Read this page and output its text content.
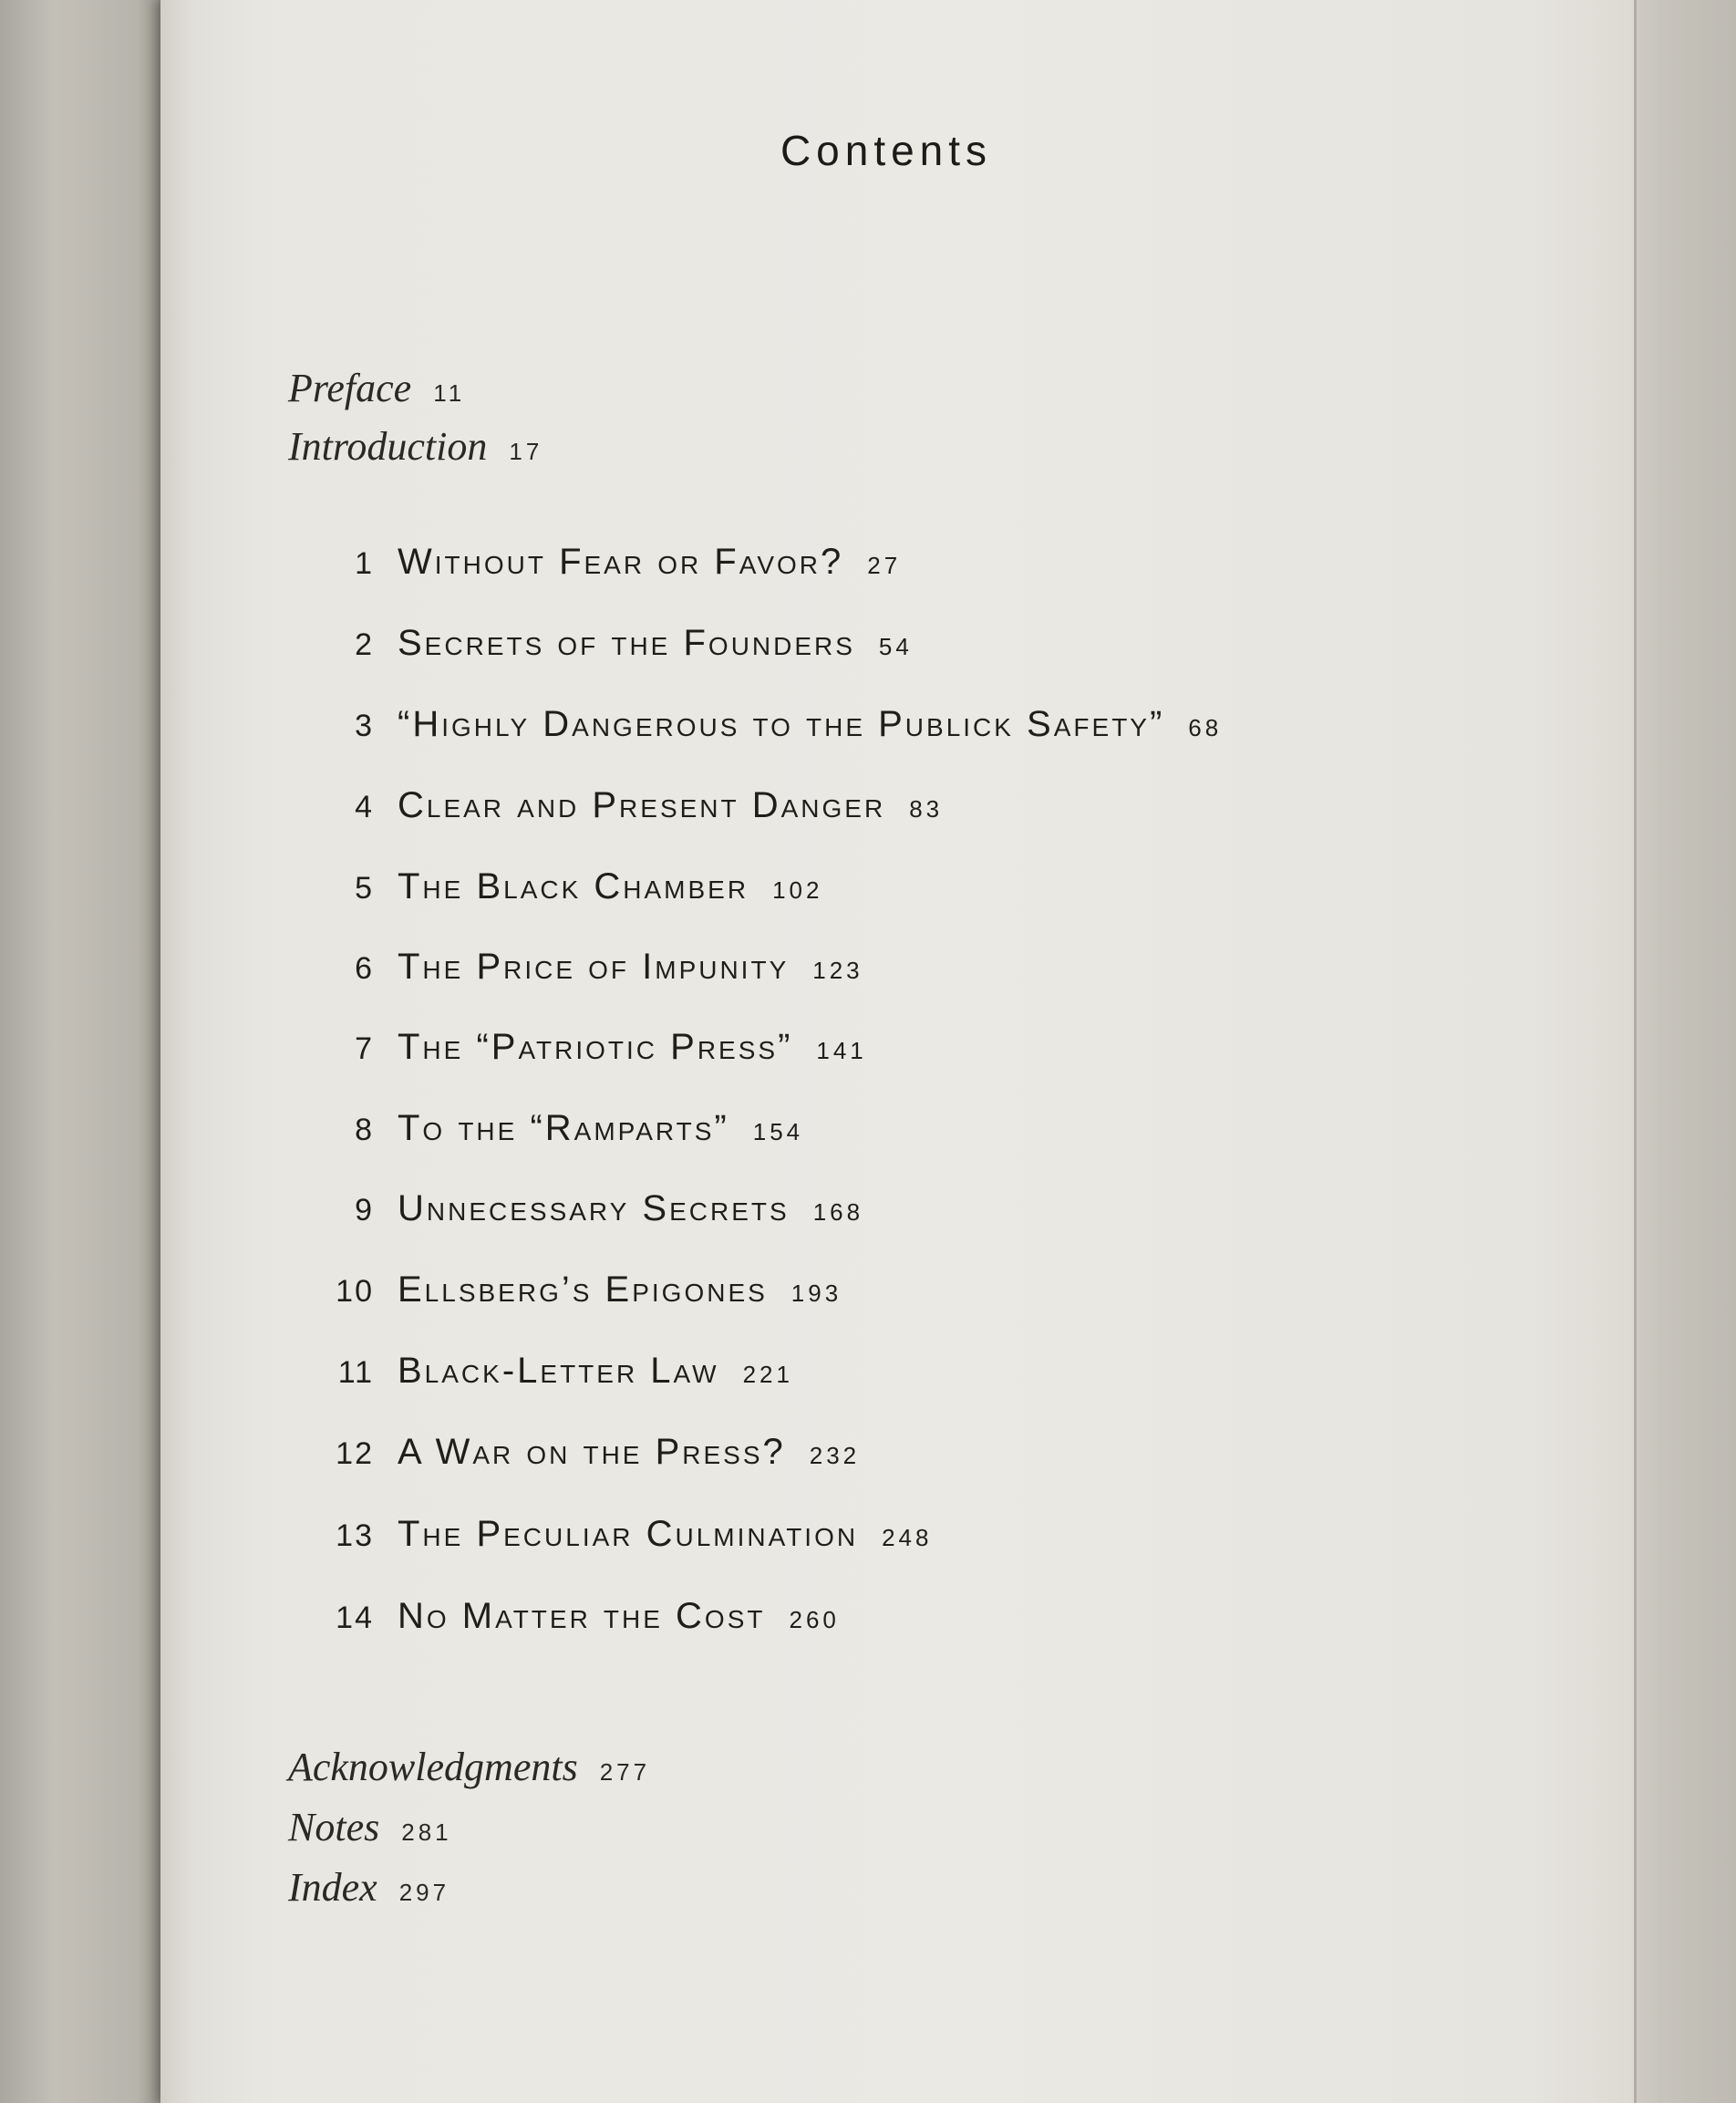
Contents
Preface 11
Introduction 17
1 Without Fear or Favor? 27
2 Secrets of the Founders 54
3 “Highly Dangerous to the Publick Safety” 68
4 Clear and Present Danger 83
5 The Black Chamber 102
6 The Price of Impunity 123
7 The “Patriotic Press” 141
8 To the “Ramparts” 154
9 Unnecessary Secrets 168
10 Ellsberg’s Epigones 193
11 Black-Letter Law 221
12 A War on the Press? 232
13 The Peculiar Culmination 248
14 No Matter the Cost 260
Acknowledgments 277
Notes 281
Index 297
